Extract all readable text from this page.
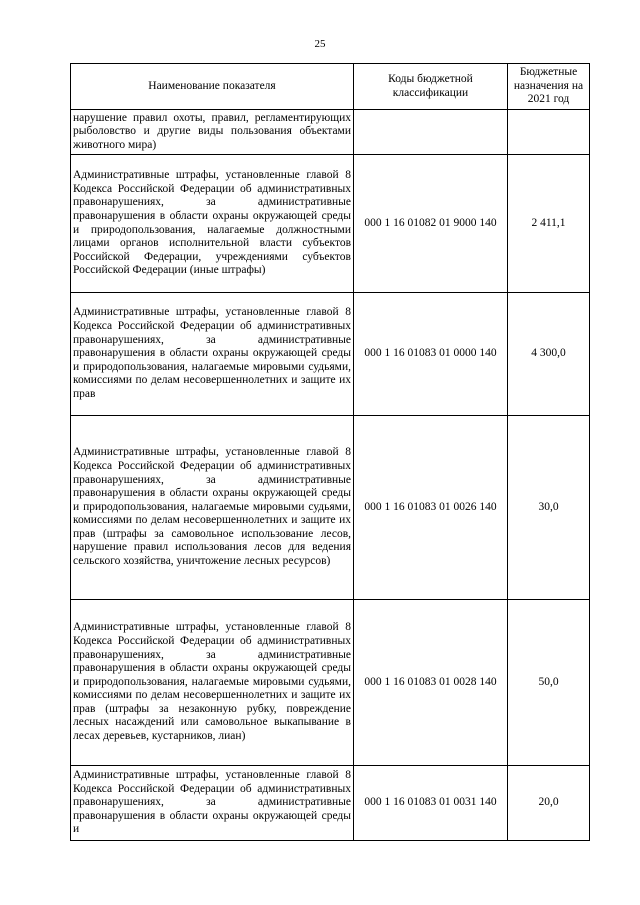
25
Наименование показателя	Коды бюджетной классификации	Бюджетные назначения на 2021 год
нарушение правил охоты, правил, регламентирующих рыболовство и другие виды пользования объектами животного мира)		
Административные штрафы, установленные главой 8 Кодекса Российской Федерации об административных правонарушениях, за административные правонарушения в области охраны окружающей среды и природопользования, налагаемые должностными лицами органов исполнительной власти субъектов Российской Федерации, учреждениями субъектов Российской Федерации (иные штрафы)	000 1 16 01082 01 9000 140	2 411,1
Административные штрафы, установленные главой 8 Кодекса Российской Федерации об административных правонарушениях, за административные правонарушения в области охраны окружающей среды и природопользования, налагаемые мировыми судьями, комиссиями по делам несовершеннолетних и защите их прав	000 1 16 01083 01 0000 140	4 300,0
Административные штрафы, установленные главой 8 Кодекса Российской Федерации об административных правонарушениях, за административные правонарушения в области охраны окружающей среды и природопользования, налагаемые мировыми судьями, комиссиями по делам несовершеннолетних и защите их прав (штрафы за самовольное использование лесов, нарушение правил использования лесов для ведения сельского хозяйства, уничтожение лесных ресурсов)	000 1 16 01083 01 0026 140	30,0
Административные штрафы, установленные главой 8 Кодекса Российской Федерации об административных правонарушениях, за административные правонарушения в области охраны окружающей среды и природопользования, налагаемые мировыми судьями, комиссиями по делам несовершеннолетних и защите их прав (штрафы за незаконную рубку, повреждение лесных насаждений или самовольное выкапывание в лесах деревьев, кустарников, лиан)	000 1 16 01083 01 0028 140	50,0
Административные штрафы, установленные главой 8 Кодекса Российской Федерации об административных правонарушениях, за административные правонарушения в области охраны окружающей среды и	000 1 16 01083 01 0031 140	20,0
